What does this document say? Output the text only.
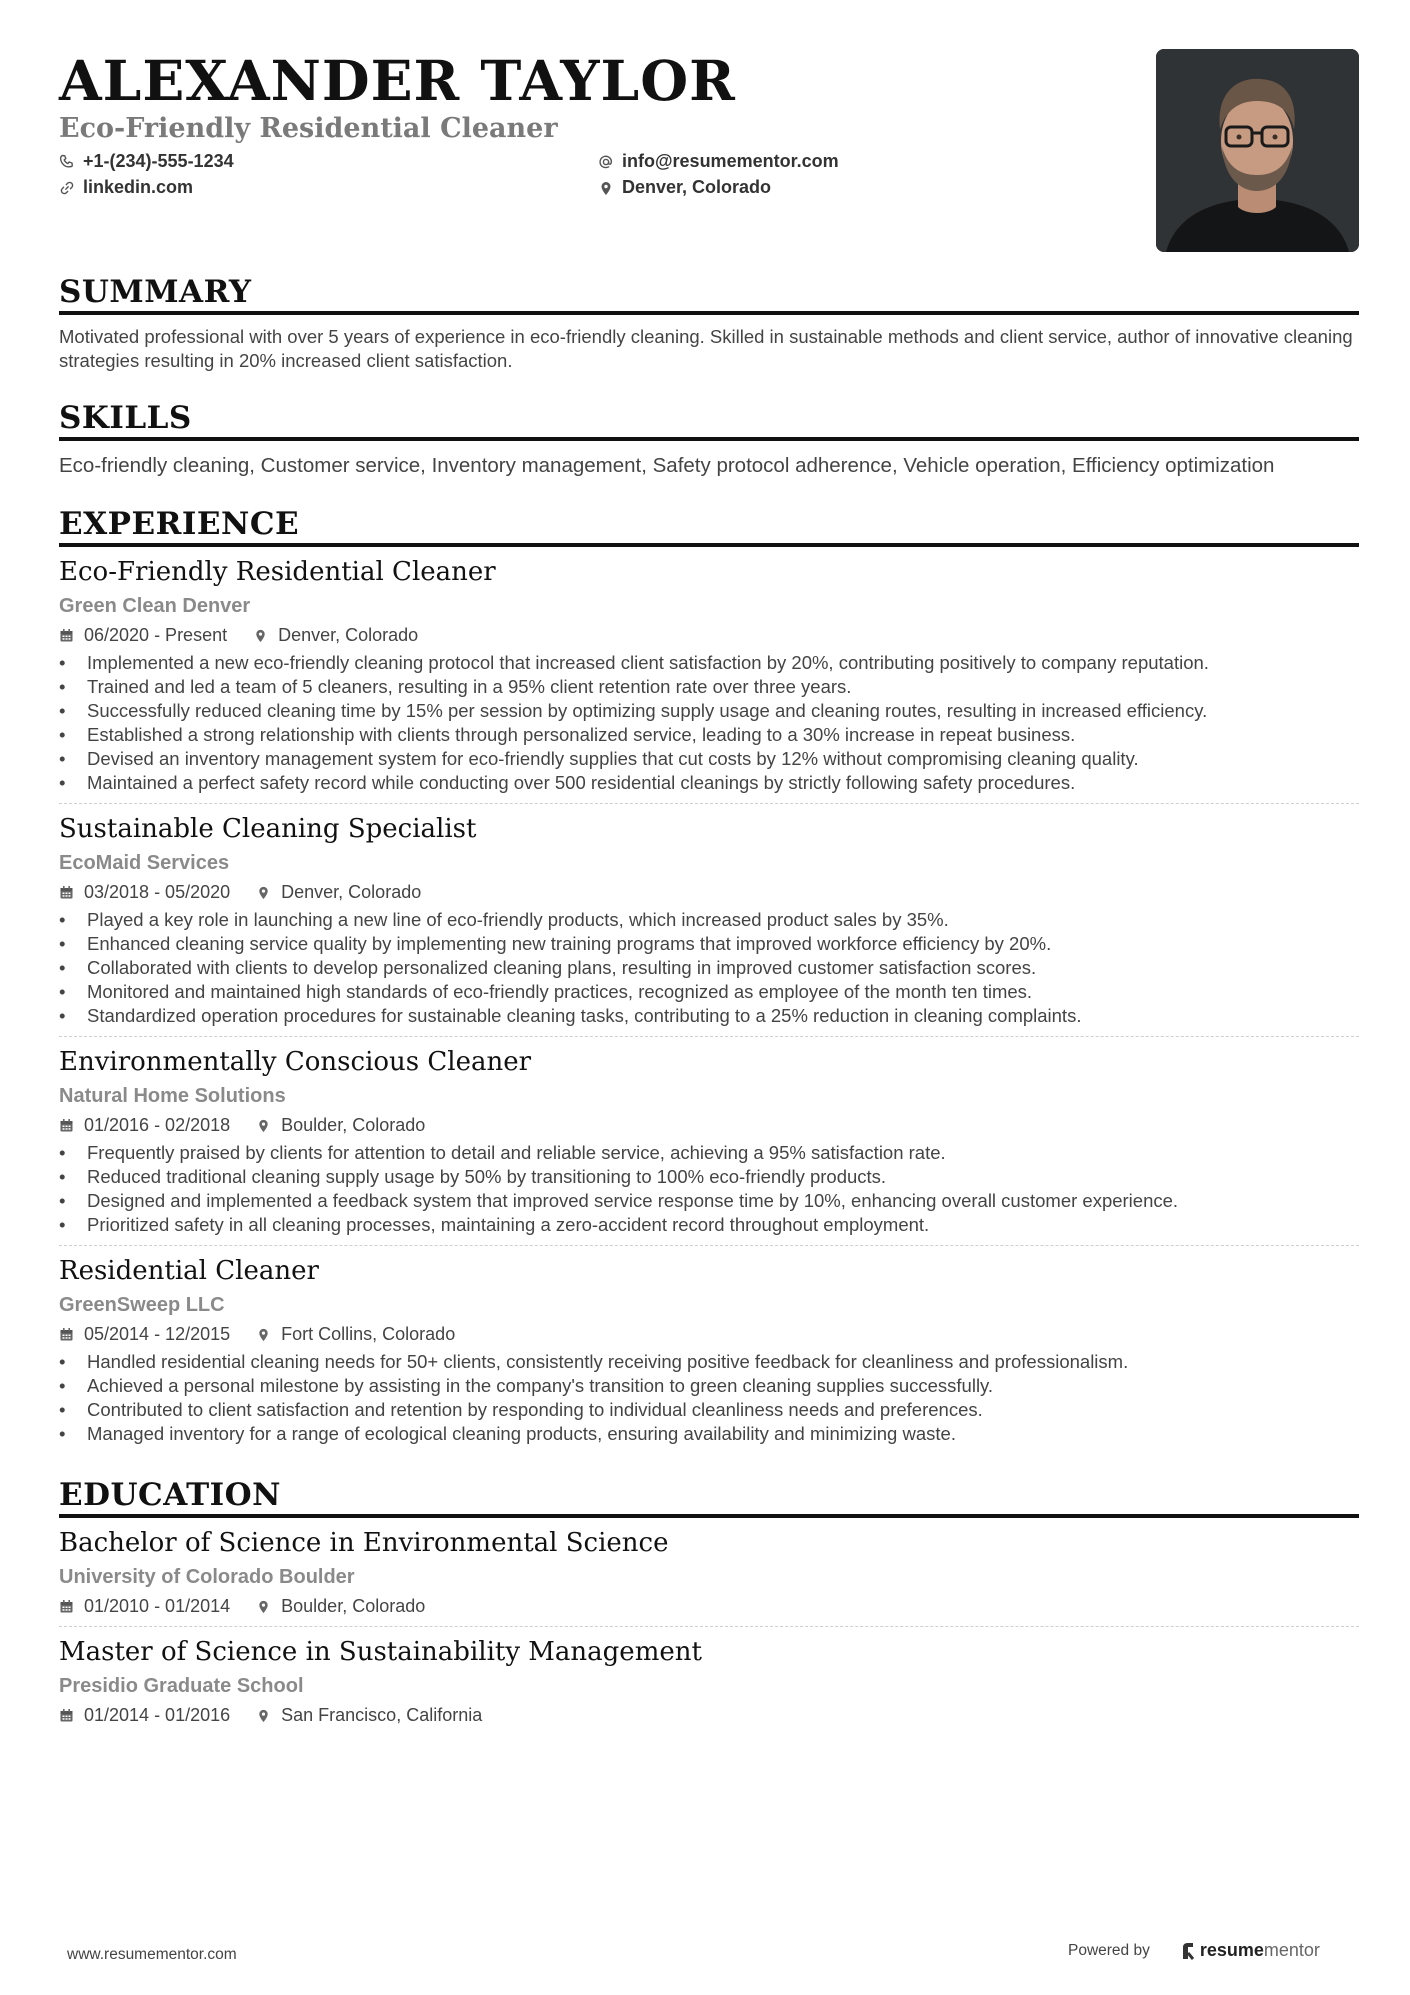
ALEXANDER TAYLOR
Eco-Friendly Residential Cleaner
+1-(234)-555-1234	info@resumementor.com
linkedin.com	Denver, Colorado
SUMMARY
Motivated professional with over 5 years of experience in eco-friendly cleaning. Skilled in sustainable methods and client service, author of innovative cleaning strategies resulting in 20% increased client satisfaction.
SKILLS
Eco-friendly cleaning, Customer service, Inventory management, Safety protocol adherence, Vehicle operation, Efficiency optimization
EXPERIENCE
Eco-Friendly Residential Cleaner
Green Clean Denver
06/2020 - Present	Denver, Colorado
• Implemented a new eco-friendly cleaning protocol that increased client satisfaction by 20%, contributing positively to company reputation.
• Trained and led a team of 5 cleaners, resulting in a 95% client retention rate over three years.
• Successfully reduced cleaning time by 15% per session by optimizing supply usage and cleaning routes, resulting in increased efficiency.
• Established a strong relationship with clients through personalized service, leading to a 30% increase in repeat business.
• Devised an inventory management system for eco-friendly supplies that cut costs by 12% without compromising cleaning quality.
• Maintained a perfect safety record while conducting over 500 residential cleanings by strictly following safety procedures.
Sustainable Cleaning Specialist
EcoMaid Services
03/2018 - 05/2020	Denver, Colorado
• Played a key role in launching a new line of eco-friendly products, which increased product sales by 35%.
• Enhanced cleaning service quality by implementing new training programs that improved workforce efficiency by 20%.
• Collaborated with clients to develop personalized cleaning plans, resulting in improved customer satisfaction scores.
• Monitored and maintained high standards of eco-friendly practices, recognized as employee of the month ten times.
• Standardized operation procedures for sustainable cleaning tasks, contributing to a 25% reduction in cleaning complaints.
Environmentally Conscious Cleaner
Natural Home Solutions
01/2016 - 02/2018	Boulder, Colorado
• Frequently praised by clients for attention to detail and reliable service, achieving a 95% satisfaction rate.
• Reduced traditional cleaning supply usage by 50% by transitioning to 100% eco-friendly products.
• Designed and implemented a feedback system that improved service response time by 10%, enhancing overall customer experience.
• Prioritized safety in all cleaning processes, maintaining a zero-accident record throughout employment.
Residential Cleaner
GreenSweep LLC
05/2014 - 12/2015	Fort Collins, Colorado
• Handled residential cleaning needs for 50+ clients, consistently receiving positive feedback for cleanliness and professionalism.
• Achieved a personal milestone by assisting in the company's transition to green cleaning supplies successfully.
• Contributed to client satisfaction and retention by responding to individual cleanliness needs and preferences.
• Managed inventory for a range of ecological cleaning products, ensuring availability and minimizing waste.
EDUCATION
Bachelor of Science in Environmental Science
University of Colorado Boulder
01/2010 - 01/2014	Boulder, Colorado
Master of Science in Sustainability Management
Presidio Graduate School
01/2014 - 01/2016	San Francisco, California
www.resumementor.com	Powered by	resume mentor
